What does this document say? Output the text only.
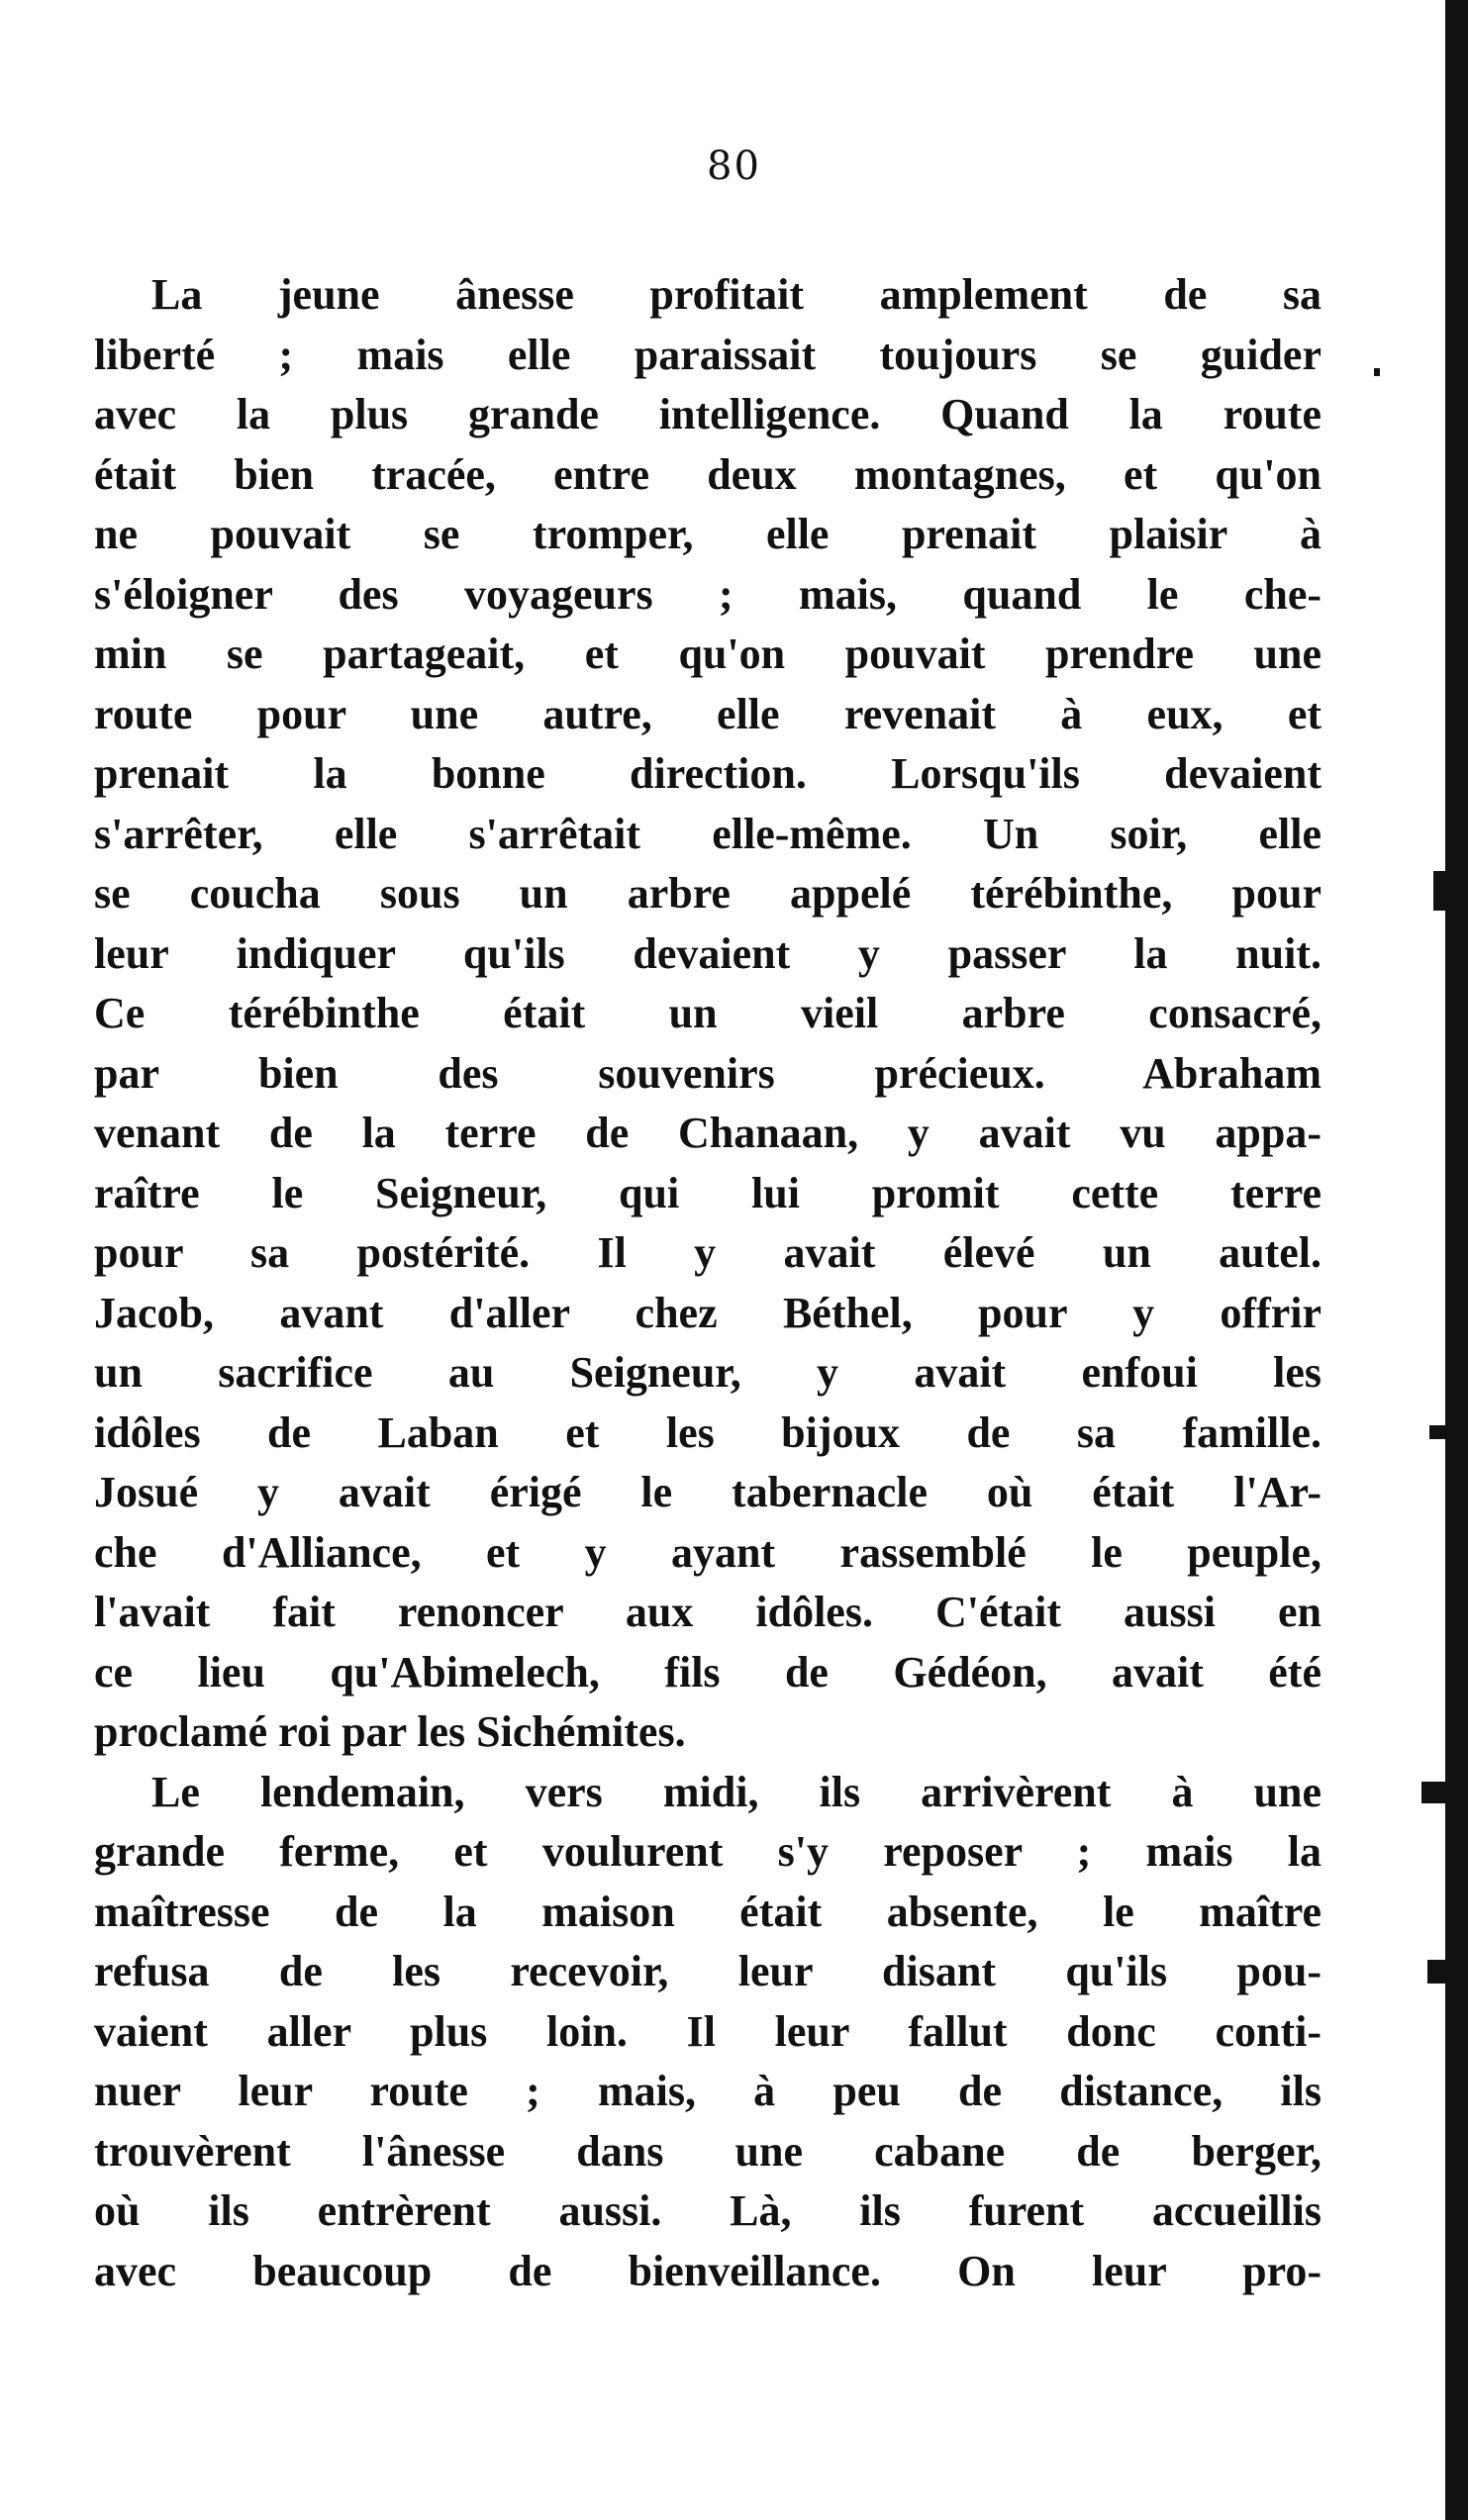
80
La jeune ânesse profitait amplement de sa
liberté ; mais elle paraissait toujours se guider
avec la plus grande intelligence. Quand la route
était bien tracée, entre deux montagnes, et qu'on
ne pouvait se tromper, elle prenait plaisir à
s'éloigner des voyageurs ; mais, quand le che-
min se partageait, et qu'on pouvait prendre une
route pour une autre, elle revenait à eux, et
prenait la bonne direction. Lorsqu'ils devaient
s'arrêter, elle s'arrêtait elle-même. Un soir, elle
se coucha sous un arbre appelé térébinthe, pour
leur indiquer qu'ils devaient y passer la nuit.
Ce térébinthe était un vieil arbre consacré,
par bien des souvenirs précieux. Abraham
venant de la terre de Chanaan, y avait vu appa-
raître le Seigneur, qui lui promit cette terre
pour sa postérité. Il y avait élevé un autel.
Jacob, avant d'aller chez Béthel, pour y offrir
un sacrifice au Seigneur, y avait enfoui les
idôles de Laban et les bijoux de sa famille.
Josué y avait érigé le tabernacle où était l'Ar-
che d'Alliance, et y ayant rassemblé le peuple,
l'avait fait renoncer aux idôles. C'était aussi en
ce lieu qu'Abimelech, fils de Gédéon, avait été
proclamé roi par les Sichémites.
Le lendemain, vers midi, ils arrivèrent à une
grande ferme, et voulurent s'y reposer ; mais la
maîtresse de la maison était absente, le maître
refusa de les recevoir, leur disant qu'ils pou-
vaient aller plus loin. Il leur fallut donc conti-
nuer leur route ; mais, à peu de distance, ils
trouvèrent l'ânesse dans une cabane de berger,
où ils entrèrent aussi. Là, ils furent accueillis
avec beaucoup de bienveillance. On leur pro-
